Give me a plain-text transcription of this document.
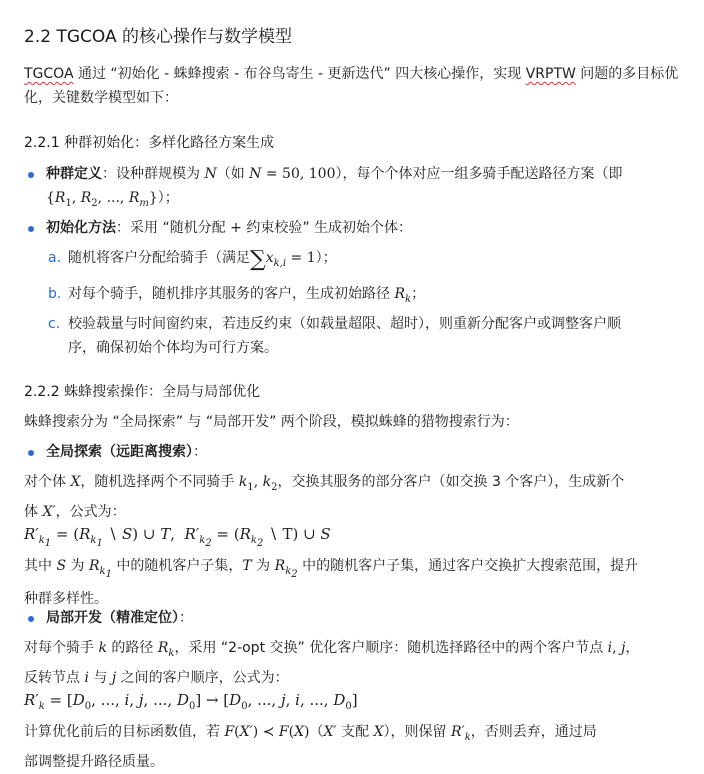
2.2 TGCOA 的核心操作与数学模型
TGCOA 通过 “初始化 - 蛛蜂搜索 - 布谷鸟寄生 - 更新迭代” 四大核心操作，实现 VRPTW 问题的多目标优化，关键数学模型如下：
2.2.1 种群初始化：多样化路径方案生成
种群定义：设种群规模为 N（如 N = 50, 100），每个个体对应一组多骑手配送路径方案（即
{$R_1$, $R_2$, ..., $R_m$}）；
初始化方法：采用 “随机分配 + 约束校验” 生成初始个体：
a. 随机将客户分配给骑手（满足$\sum x_{k,i} = 1$）；
b. 对每个骑手，随机排序其服务的客户，生成初始路径 $R_k$；
c. 校验载量与时间窗约束，若违反约束（如载量超限、超时），则重新分配客户或调整客户顺
序，确保初始个体均为可行方案。
2.2.2 蛛蜂搜索操作：全局与局部优化
蛛蜂搜索分为 “全局探索” 与 “局部开发” 两个阶段，模拟蛛蜂的猎物搜索行为：
全局探索（远距离搜索）：
对个体 X，随机选择两个不同骑手 $k_1$, $k_2$，交换其服务的部分客户（如交换 3 个客户），生成新个
体 X′，公式为：
$R'_{k_1} = (R_{k_1}$ ∖ S) ∪ T,  $R'_{k_2} = (R_{k_2}$ ∖ T) ∪ S
其中 S 为 $R_{k_1}$ 中的随机客户子集，T 为 $R_{k_2}$ 中的随机客户子集，通过客户交换扩大搜索范围，提升
种群多样性。
局部开发（精准定位）：
对每个骑手 k 的路径 $R_k$，采用 “2-opt 交换” 优化客户顺序：随机选择路径中的两个客户节点 i, j，
反转节点 i 与 j 之间的客户顺序，公式为：
$R'_k = [D_0$, ..., i, j, ..., $D_0] \to [D_0$, ..., j, i, ..., $D_0$]
计算优化前后的目标函数值，若 F(X′) ≺ F(X)（X′ 支配 X），则保留 $R'_k$，否则丢弃，通过局
部调整提升路径质量。
